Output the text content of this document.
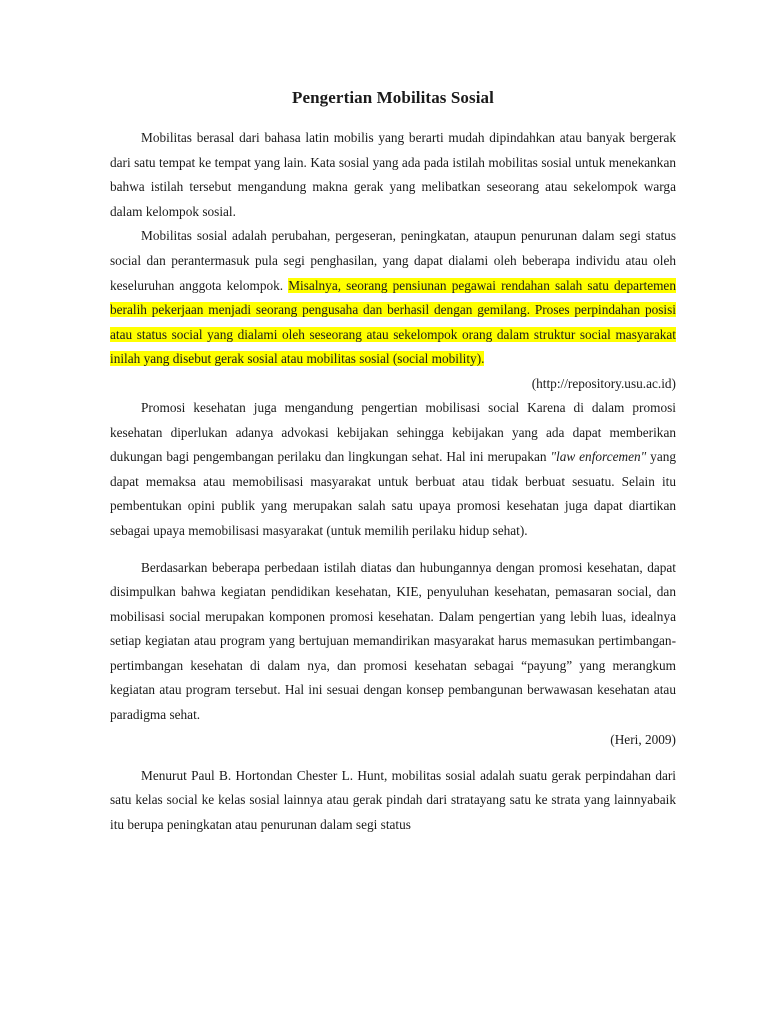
Pengertian Mobilitas Sosial

Mobilitas berasal dari bahasa latin mobilis yang berarti mudah dipindahkan atau banyak bergerak dari satu tempat ke tempat yang lain. Kata sosial yang ada pada istilah mobilitas sosial untuk menekankan bahwa istilah tersebut mengandung makna gerak yang melibatkan seseorang atau sekelompok warga dalam kelompok sosial.

Mobilitas sosial adalah perubahan, pergeseran, peningkatan, ataupun penurunan dalam segi status social dan perantermasuk pula segi penghasilan, yang dapat dialami oleh beberapa individu atau oleh keseluruhan anggota kelompok. Misalnya, seorang pensiunan pegawai rendahan salah satu departemen beralih pekerjaan menjadi seorang pengusaha dan berhasil dengan gemilang. Proses perpindahan posisi atau status social yang dialami oleh seseorang atau sekelompok orang dalam struktur social masyarakat inilah yang disebut gerak sosial atau mobilitas sosial (social mobility).

(http://repository.usu.ac.id)

Promosi kesehatan juga mengandung pengertian mobilisasi social Karena di dalam promosi kesehatan diperlukan adanya advokasi kebijakan sehingga kebijakan yang ada dapat memberikan dukungan bagi pengembangan perilaku dan lingkungan sehat. Hal ini merupakan "law enforcemen" yang dapat memaksa atau memobilisasi masyarakat untuk berbuat atau tidak berbuat sesuatu. Selain itu pembentukan opini publik yang merupakan salah satu upaya promosi kesehatan juga dapat diartikan sebagai upaya memobilisasi masyarakat (untuk memilih perilaku hidup sehat).

Berdasarkan beberapa perbedaan istilah diatas dan hubungannya dengan promosi kesehatan, dapat disimpulkan bahwa kegiatan pendidikan kesehatan, KIE, penyuluhan kesehatan, pemasaran social, dan mobilisasi social merupakan komponen promosi kesehatan. Dalam pengertian yang lebih luas, idealnya setiap kegiatan atau program yang bertujuan memandirikan masyarakat harus memasukan pertimbangan-pertimbangan kesehatan di dalam nya, dan promosi kesehatan sebagai “payung” yang merangkum kegiatan atau program tersebut. Hal ini sesuai dengan konsep pembangunan berwawasan kesehatan atau paradigma sehat.

(Heri, 2009)

Menurut Paul B. Hortondan Chester L. Hunt, mobilitas sosial adalah suatu gerak perpindahan dari satu kelas social ke kelas sosial lainnya atau gerak pindah dari stratayang satu ke strata yang lainnyabaik itu berupa peningkatan atau penurunan dalam segi status
